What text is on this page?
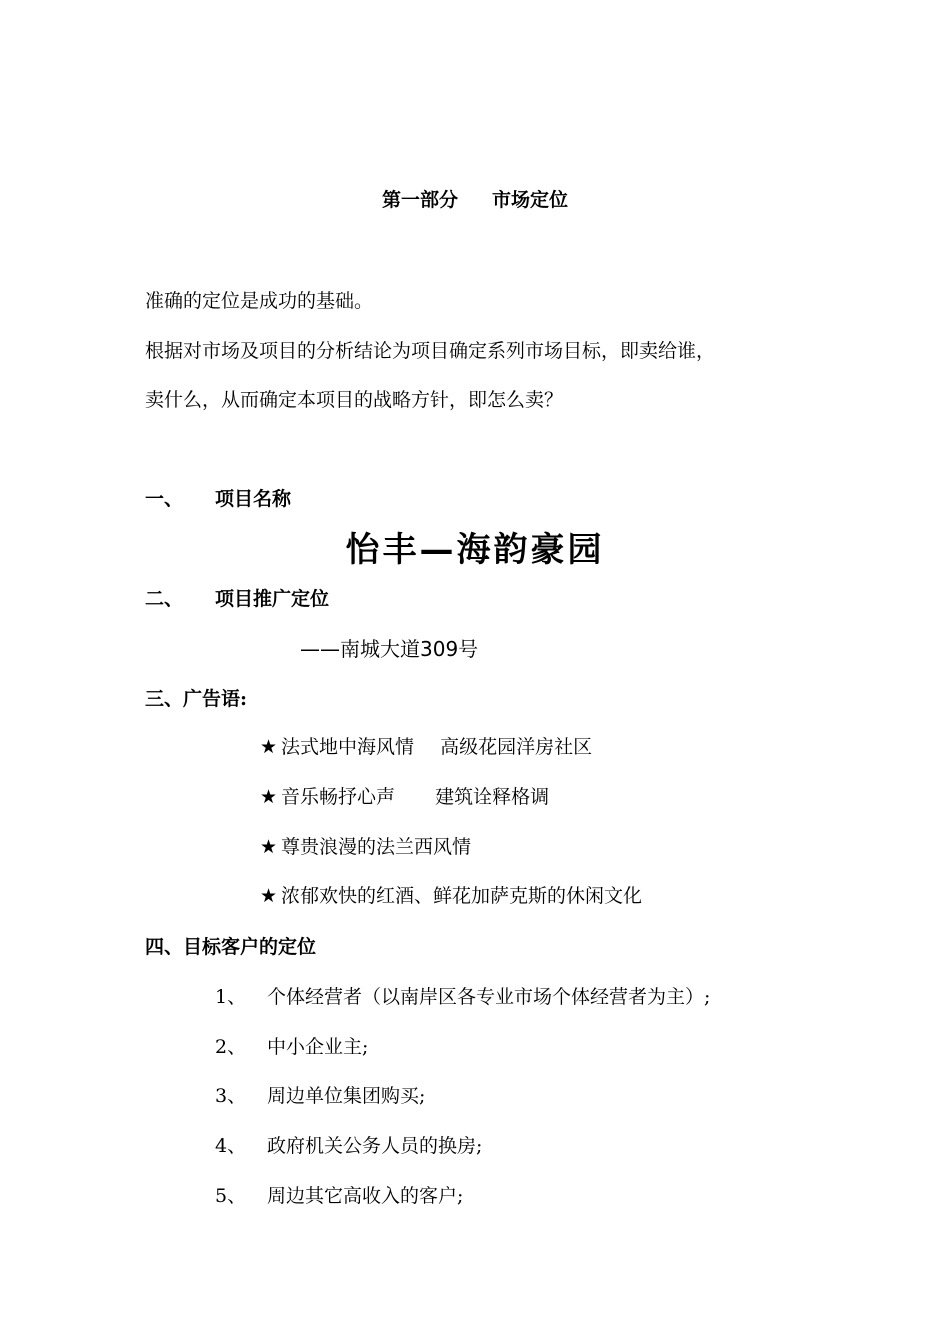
第一部分 市场定位
准确的定位是成功的基础。
根据对市场及项目的分析结论为项目确定系列市场目标，即卖给谁，
卖什么，从而确定本项目的战略方针，即怎么卖？
一、 项目名称
怡丰—海韵豪园
二、 项目推广定位
——南城大道309号
三、广告语:
★ 法式地中海风情 高级花园洋房社区
★ 音乐畅抒心声 建筑诠释格调
★ 尊贵浪漫的法兰西风情
★ 浓郁欢快的红酒、鲜花加萨克斯的休闲文化
四、目标客户的定位
1、 个体经营者（以南岸区各专业市场个体经营者为主）;
2、 中小企业主;
3、 周边单位集团购买;
4、 政府机关公务人员的换房;
5、 周边其它高收入的客户;
